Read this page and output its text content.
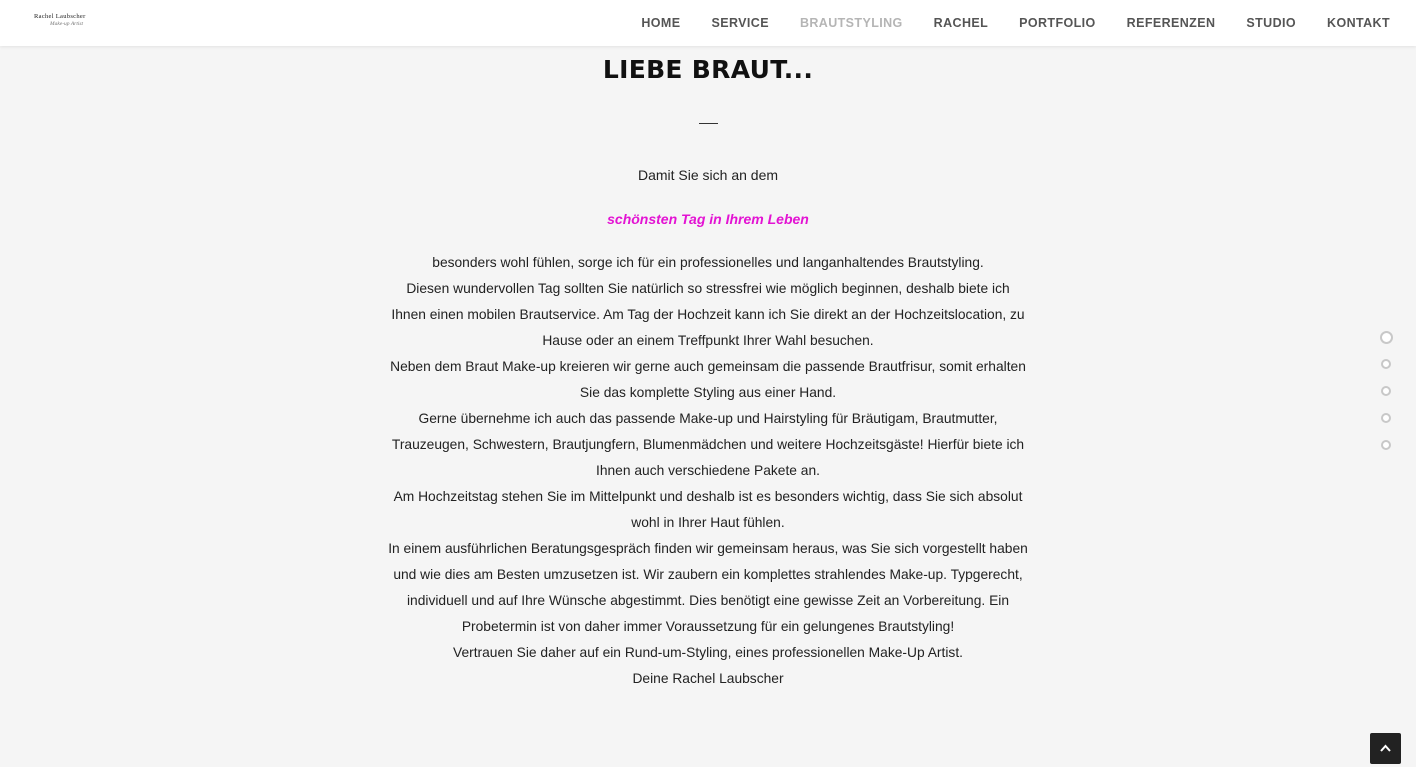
Rachel Laubscher
Make-up Artist	HOME SERVICE BRAUTSTYLING RACHEL PORTFOLIO REFERENZEN STUDIO KONTAKT
LIEBE BRAUT...

Damit Sie sich an dem

schönsten Tag in Ihrem Leben

besonders wohl fühlen, sorge ich für ein professionelles und langanhaltendes Brautstyling.

Diesen wundervollen Tag sollten Sie natürlich so stressfrei wie möglich beginnen, deshalb biete ich Ihnen einen mobilen Brautservice. Am Tag der Hochzeit kann ich Sie direkt an der Hochzeitslocation, zu Hause oder an einem Treffpunkt Ihrer Wahl besuchen.

Neben dem Braut Make-up kreieren wir gerne auch gemeinsam die passende Brautfrisur, somit erhalten Sie das komplette Styling aus einer Hand.

Gerne übernehme ich auch das passende Make-up und Hairstyling für Bräutigam, Brautmutter, Trauzeugen, Schwestern, Brautjungfern, Blumenmädchen und weitere Hochzeitsgäste! Hierfür biete ich Ihnen auch verschiedene Pakete an.

Am Hochzeitstag stehen Sie im Mittelpunkt und deshalb ist es besonders wichtig, dass Sie sich absolut wohl in Ihrer Haut fühlen.

In einem ausführlichen Beratungsgespräch finden wir gemeinsam heraus, was Sie sich vorgestellt haben und wie dies am Besten umzusetzen ist. Wir zaubern ein komplettes strahlendes Make-up. Typgerecht, individuell und auf Ihre Wünsche abgestimmt. Dies benötigt eine gewisse Zeit an Vorbereitung. Ein Probetermin ist von daher immer Voraussetzung für ein gelungenes Brautstyling!

Vertrauen Sie daher auf ein Rund-um-Styling, eines professionellen Make-Up Artist.

Deine Rachel Laubscher
